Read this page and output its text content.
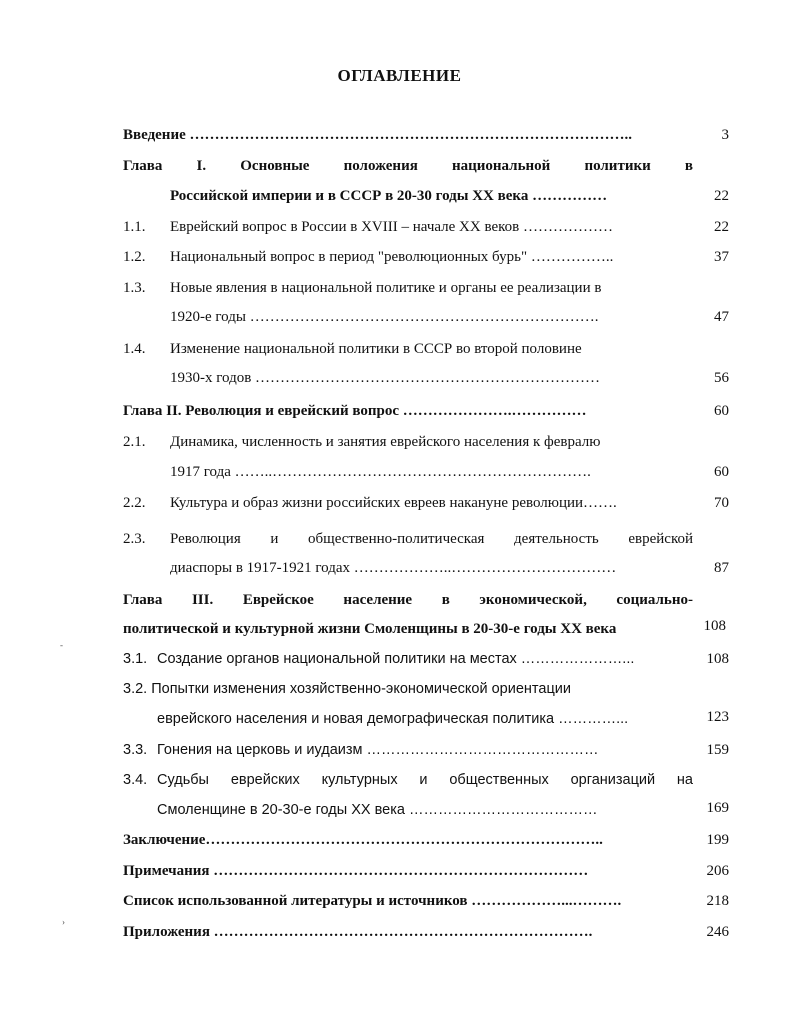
ОГЛАВЛЕНИЕ
Введение ……………………………………………………………………………..	3
Глава I. Основные положения национальной политики в
Российской империи и в СССР в 20-30 годы XX века ……………	22
1.1. Еврейский вопрос в России в XVIII – начале XX веков ………………	22
1.2. Национальный вопрос в период "революционных бурь" ……………..	37
1.3. Новые явления в национальной политике и органы ее реализации в
1920-е годы …………………………………………………………….	47
1.4. Изменение национальной политики в СССР во второй половине
1930-х годов ……………………………………………………………	56
Глава II. Революция и еврейский вопрос ………………….……………	60
2.1. Динамика, численность и занятия еврейского населения к февралю
1917 года ……..……………………………………………………….	60
2.2. Культура и образ жизни российских евреев накануне революции…….	70
2.3. Революция и общественно-политическая деятельность еврейской
диаспоры в 1917-1921 годах ………………..……………………………	87
Глава III. Еврейское население в экономической, социально-
политической и культурной жизни Смоленщины в 20-30-е годы XX века	108
3.1. Создание органов национальной политики на местах …………………...	108
3.2. Попытки изменения хозяйственно-экономической ориентации
еврейского населения и новая демографическая политика …………...	123
3.3. Гонения на церковь и иудаизм …………………………………………	159
3.4. Судьбы еврейских культурных и общественных организаций на
Смоленщине в 20-30-е годы XX века …………………………………	169
Заключение……………………………………………………………………..	199
Примечания …………………………………………………………………	206
Список использованной литературы и источников ………………...……….	218
Приложения ………………………………………………………………….	246
-
›
